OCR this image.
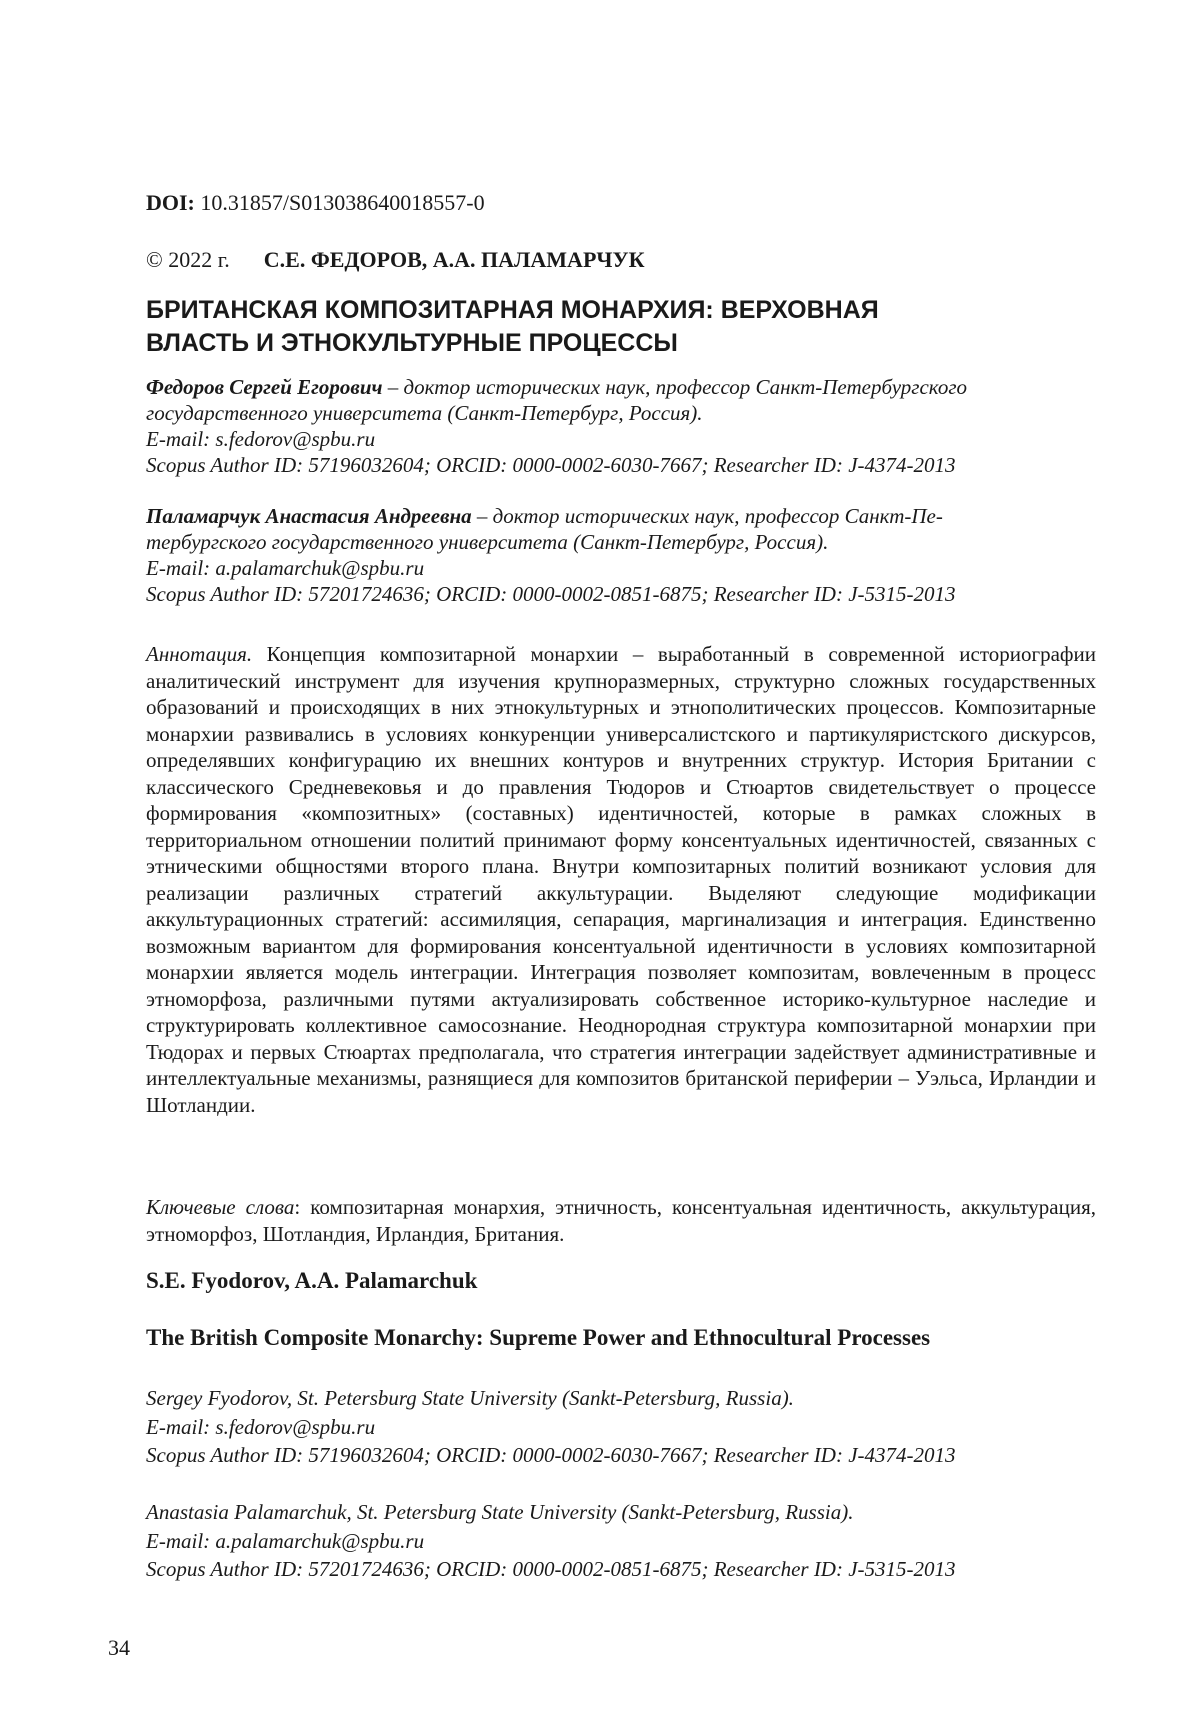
DOI: 10.31857/S013038640018557-0
© 2022 г. С.Е. ФЕДОРОВ, А.А. ПАЛАМАРЧУК
БРИТАНСКАЯ КОМПОЗИТАРНАЯ МОНАРХИЯ: ВЕРХОВНАЯ
ВЛАСТЬ И ЭТНОКУЛЬТУРНЫЕ ПРОЦЕССЫ
Федоров Сергей Егорович – доктор исторических наук, профессор Санкт-Петербургского
государственного университета (Санкт-Петербург, Россия).
E-mail: s.fedorov@spbu.ru
Scopus Author ID: 57196032604; ORCID: 0000-0002-6030-7667; Researcher ID: J-4374-2013
Паламарчук Анастасия Андреевна – доктор исторических наук, профессор Санкт-Пе-
тербургского государственного университета (Санкт-Петербург, Россия).
E-mail: a.palamarchuk@spbu.ru
Scopus Author ID: 57201724636; ORCID: 0000-0002-0851-6875; Researcher ID: J-5315-2013
Аннотация. Концепция композитарной монархии – выработанный в современной историографии аналитический инструмент для изучения крупноразмерных, структурно сложных государственных образований и происходящих в них этнокультурных и этнополитических процессов. Композитарные монархии развивались в условиях конкуренции универсалистского и партикуляристского дискурсов, определявших конфигурацию их внешних контуров и внутренних структур. История Британии с классического Средневековья и до правления Тюдоров и Стюартов свидетельствует о процессе формирования «композитных» (составных) идентичностей, которые в рамках сложных в территориальном отношении политий принимают форму консентуальных идентичностей, связанных с этническими общностями второго плана. Внутри композитарных политий возникают условия для реализации различных стратегий аккультурации. Выделяют следующие модификации аккультурационных стратегий: ассимиляция, сепарация, маргинализация и интеграция. Единственно возможным вариантом для формирования консентуальной идентичности в условиях композитарной монархии является модель интеграции. Интеграция позволяет композитам, вовлеченным в процесс этноморфоза, различными путями актуализировать собственное историко-культурное наследие и структурировать коллективное самосознание. Неоднородная структура композитарной монархии при Тюдорах и первых Стюартах предполагала, что стратегия интеграции задействует административные и интеллектуальные механизмы, разнящиеся для композитов британской периферии – Уэльса, Ирландии и Шотландии.
Ключевые слова: композитарная монархия, этничность, консентуальная идентичность, аккультурация, этноморфоз, Шотландия, Ирландия, Британия.
S.E. Fyodorov, A.A. Palamarchuk
The British Composite Monarchy: Supreme Power and Ethnocultural Processes
Sergey Fyodorov, St. Petersburg State University (Sankt-Petersburg, Russia).
E-mail: s.fedorov@spbu.ru
Scopus Author ID: 57196032604; ORCID: 0000-0002-6030-7667; Researcher ID: J-4374-2013
Anastasia Palamarchuk, St. Petersburg State University (Sankt-Petersburg, Russia).
E-mail: a.palamarchuk@spbu.ru
Scopus Author ID: 57201724636; ORCID: 0000-0002-0851-6875; Researcher ID: J-5315-2013
34
